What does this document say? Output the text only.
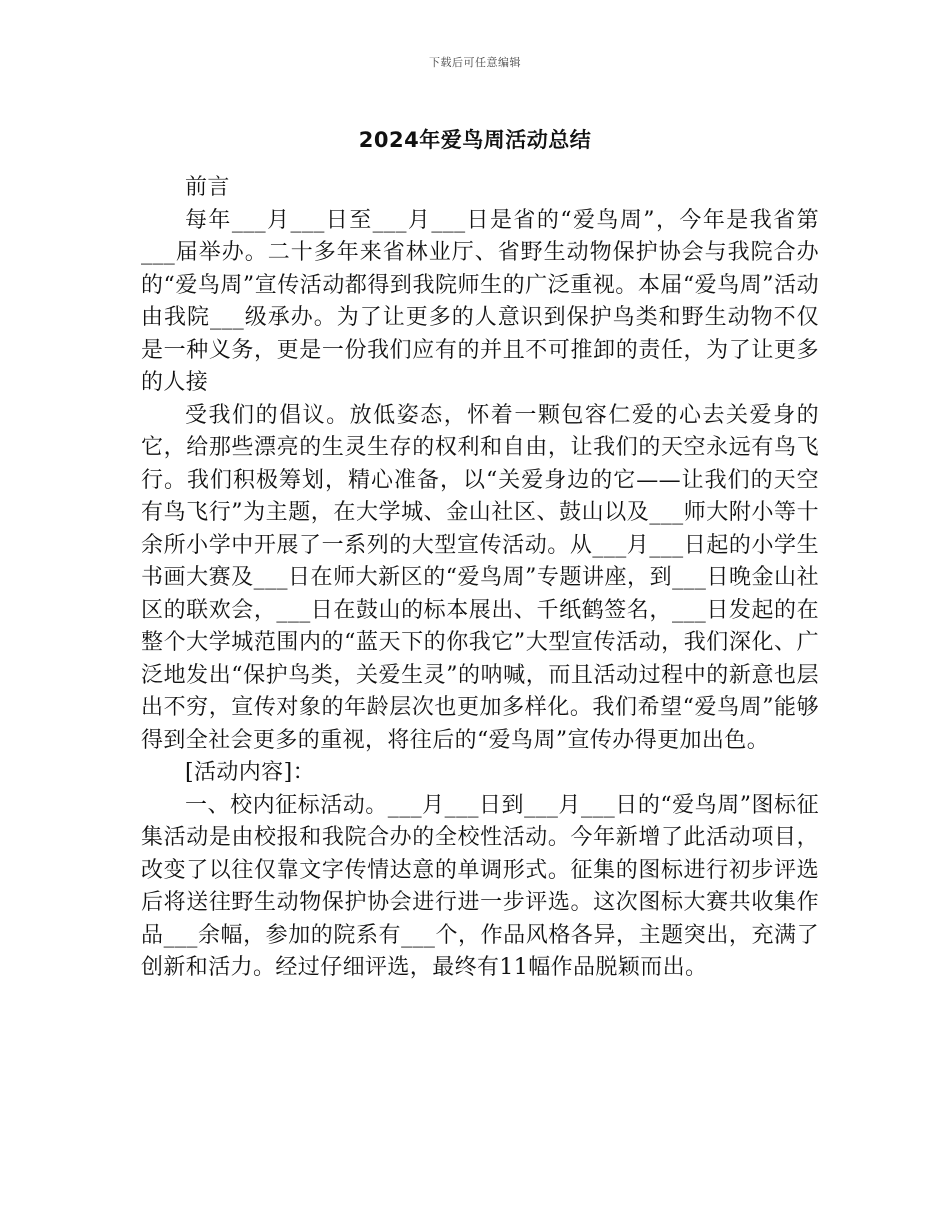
下载后可任意编辑
2024年爱鸟周活动总结

前言

每年___月___日至___月___日是省的“爱鸟周”，今年是我省第___届举办。二十多年来省林业厅、省野生动物保护协会与我院合办的“爱鸟周”宣传活动都得到我院师生的广泛重视。本届“爱鸟周”活动由我院___级承办。为了让更多的人意识到保护鸟类和野生动物不仅是一种义务，更是一份我们应有的并且不可推卸的责任，为了让更多的人接

受我们的倡议。放低姿态，怀着一颗包容仁爱的心去关爱身的它，给那些漂亮的生灵生存的权利和自由，让我们的天空永远有鸟飞行。我们积极筹划，精心准备，以“关爱身边的它——让我们的天空有鸟飞行”为主题，在大学城、金山社区、鼓山以及___师大附小等十余所小学中开展了一系列的大型宣传活动。从___月___日起的小学生书画大赛及___日在师大新区的“爱鸟周”专题讲座，到___日晚金山社区的联欢会，___日在鼓山的标本展出、千纸鹤签名，___日发起的在整个大学城范围内的“蓝天下的你我它”大型宣传活动，我们深化、广泛地发出“保护鸟类，关爱生灵”的呐喊，而且活动过程中的新意也层出不穷，宣传对象的年龄层次也更加多样化。我们希望“爱鸟周”能够得到全社会更多的重视，将往后的“爱鸟周”宣传办得更加出色。

[活动内容]：

一、校内征标活动。___月___日到___月___日的“爱鸟周”图标征集活动是由校报和我院合办的全校性活动。今年新增了此活动项目，改变了以往仅靠文字传情达意的单调形式。征集的图标进行初步评选后将送往野生动物保护协会进行进一步评选。这次图标大赛共收集作品___余幅，参加的院系有___个，作品风格各异，主题突出，充满了创新和活力。经过仔细评选，最终有11幅作品脱颖而出。
